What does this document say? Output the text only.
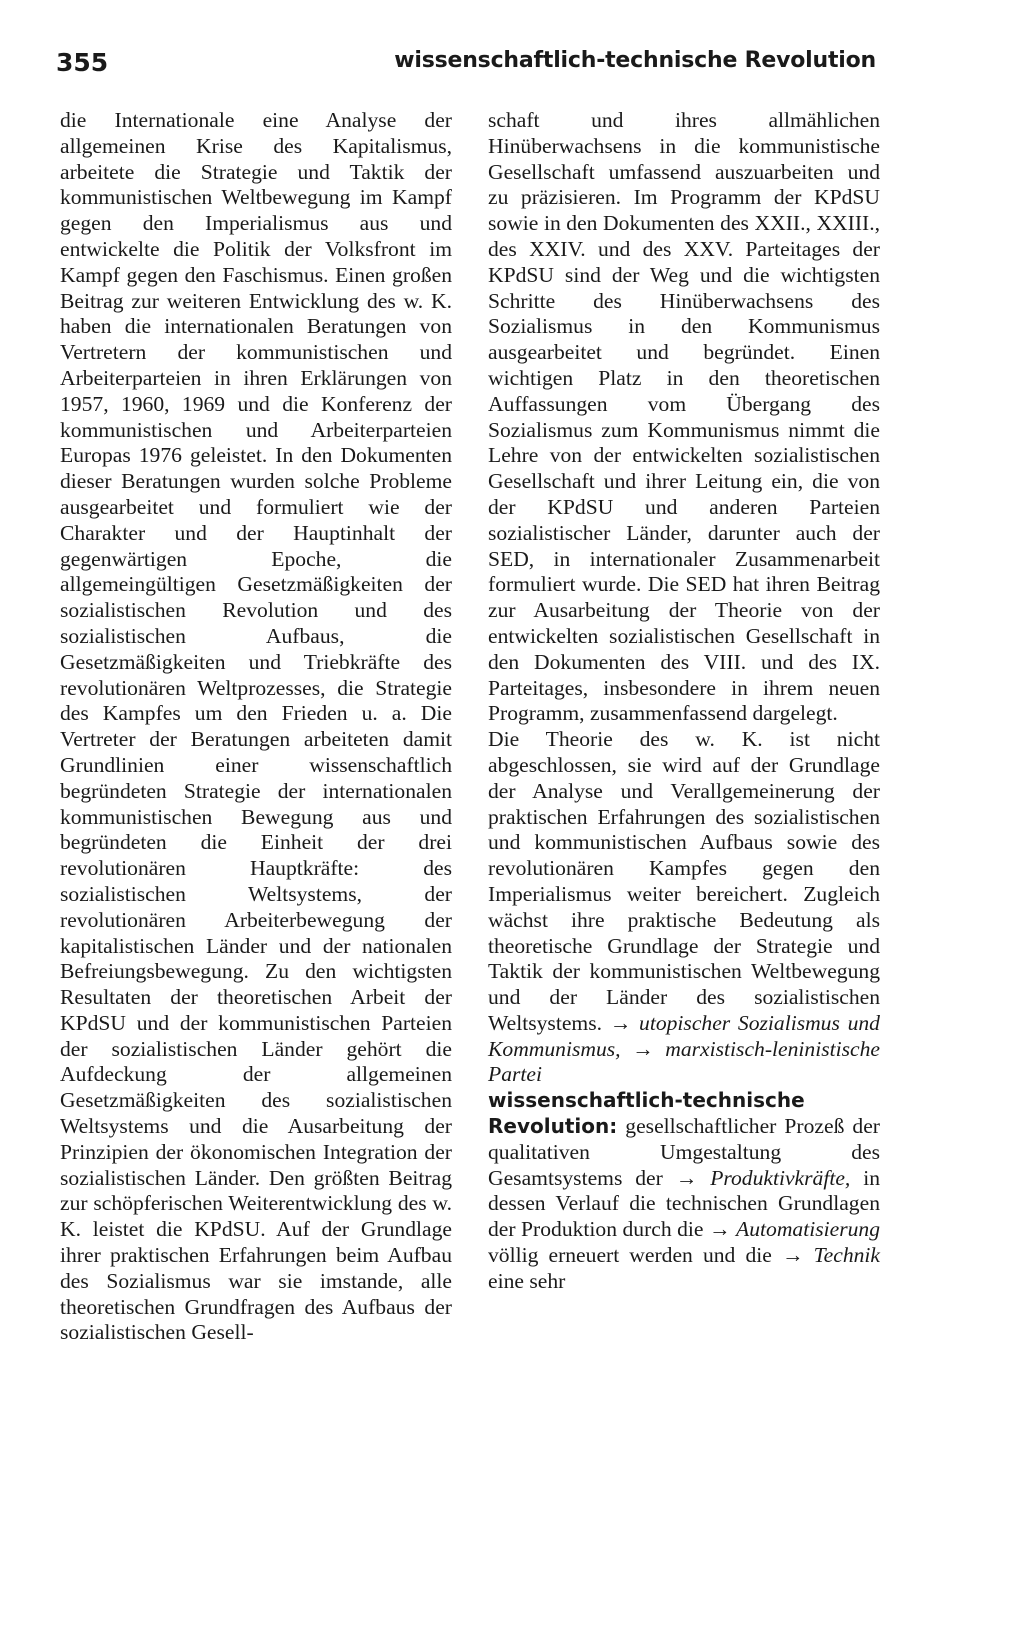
355	wissenschaftlich-technische Revolution

die Internationale eine Analyse der allgemeinen Krise des Kapitalismus, arbeitete die Strategie und Taktik der kommunistischen Weltbewegung im Kampf gegen den Imperialismus aus und entwickelte die Politik der Volksfront im Kampf gegen den Faschismus. Einen großen Beitrag zur weiteren Entwicklung des w. K. haben die internationalen Beratungen von Vertretern der kommunistischen und Arbeiterparteien in ihren Erklärungen von 1957, 1960, 1969 und die Konferenz der kommunistischen und Arbeiterparteien Europas 1976 geleistet. In den Dokumenten dieser Beratungen wurden solche Probleme ausgearbeitet und formuliert wie der Charakter und der Hauptinhalt der gegenwärtigen Epoche, die allgemeingültigen Gesetzmäßigkeiten der sozialistischen Revolution und des sozialistischen Aufbaus, die Gesetzmäßigkeiten und Triebkräfte des revolutionären Weltprozesses, die Strategie des Kampfes um den Frieden u. a. Die Vertreter der Beratungen arbeiteten damit Grundlinien einer wissenschaftlich begründeten Strategie der internationalen kommunistischen Bewegung aus und begründeten die Einheit der drei revolutionären Hauptkräfte: des sozialistischen Weltsystems, der revolutionären Arbeiterbewegung der kapitalistischen Länder und der nationalen Befreiungsbewegung. Zu den wichtigsten Resultaten der theoretischen Arbeit der KPdSU und der kommunistischen Parteien der sozialistischen Länder gehört die Aufdeckung der allgemeinen Gesetzmäßigkeiten des sozialistischen Weltsystems und die Ausarbeitung der Prinzipien der ökonomischen Integration der sozialistischen Länder. Den größten Beitrag zur schöpferischen Weiterentwicklung des w. K. leistet die KPdSU. Auf der Grundlage ihrer praktischen Erfahrungen beim Aufbau des Sozialismus war sie imstande, alle theoretischen Grundfragen des Aufbaus der sozialistischen Gesell-

schaft und ihres allmählichen Hinüberwachsens in die kommunistische Gesellschaft umfassend auszuarbeiten und zu präzisieren. Im Programm der KPdSU sowie in den Dokumenten des XXII., XXIII., des XXIV. und des XXV. Parteitages der KPdSU sind der Weg und die wichtigsten Schritte des Hinüberwachsens des Sozialismus in den Kommunismus ausgearbeitet und begründet. Einen wichtigen Platz in den theoretischen Auffassungen vom Übergang des Sozialismus zum Kommunismus nimmt die Lehre von der entwickelten sozialistischen Gesellschaft und ihrer Leitung ein, die von der KPdSU und anderen Parteien sozialistischer Länder, darunter auch der SED, in internationaler Zusammenarbeit formuliert wurde. Die SED hat ihren Beitrag zur Ausarbeitung der Theorie von der entwickelten sozialistischen Gesellschaft in den Dokumenten des VIII. und des IX. Parteitages, insbesondere in ihrem neuen Programm, zusammenfassend dargelegt.

Die Theorie des w. K. ist nicht abgeschlossen, sie wird auf der Grundlage der Analyse und Verallgemeinerung der praktischen Erfahrungen des sozialistischen und kommunistischen Aufbaus sowie des revolutionären Kampfes gegen den Imperialismus weiter bereichert. Zugleich wächst ihre praktische Bedeutung als theoretische Grundlage der Strategie und Taktik der kommunistischen Weltbewegung und der Länder des sozialistischen Weltsystems. → utopischer Sozialismus und Kommunismus, → marxistisch-leninistische Partei

wissenschaftlich-technische Revolution: gesellschaftlicher Prozeß der qualitativen Umgestaltung des Gesamtsystems der → Produktivkräfte, in dessen Verlauf die technischen Grundlagen der Produktion durch die → Automatisierung völlig erneuert werden und die → Technik eine sehr
